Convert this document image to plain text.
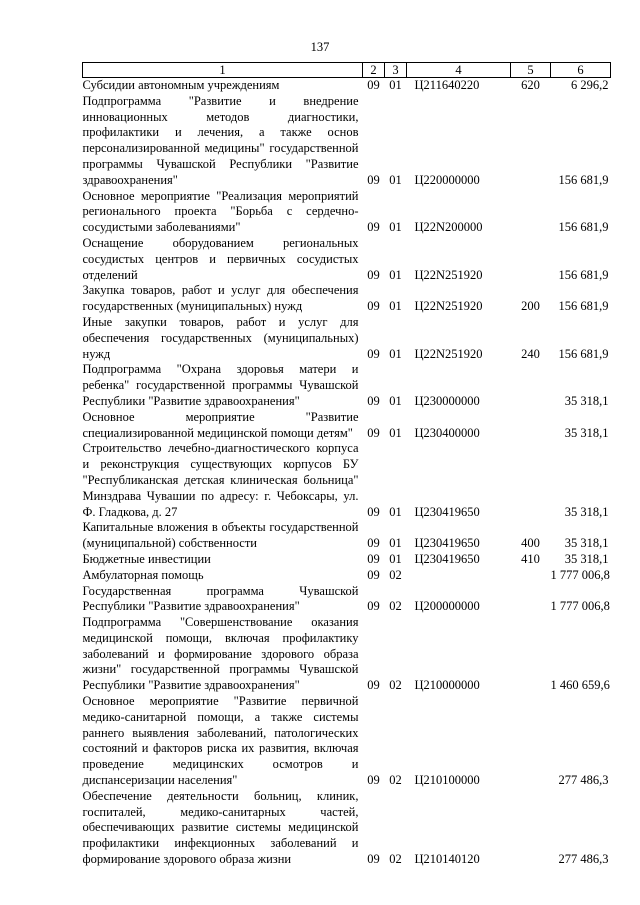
137
1	2	3	4	5	6
Субсидии автономным учреждениям	09	01	Ц211640220	620	6 296,2
Подпрограмма "Развитие и внедрение инновационных методов диагностики, профилактики и лечения, а также основ персонализированной медицины" государственной программы Чувашской Республики "Развитие здравоохранения"	09	01	Ц220000000		156 681,9
Основное мероприятие "Реализация мероприятий регионального проекта "Борьба с сердечно-сосудистыми заболеваниями"	09	01	Ц22N200000		156 681,9
Оснащение оборудованием региональных сосудистых центров и первичных сосудистых отделений	09	01	Ц22N251920		156 681,9
Закупка товаров, работ и услуг для обеспечения государственных (муниципальных) нужд	09	01	Ц22N251920	200	156 681,9
Иные закупки товаров, работ и услуг для обеспечения государственных (муниципальных) нужд	09	01	Ц22N251920	240	156 681,9
Подпрограмма "Охрана здоровья матери и ребенка" государственной программы Чувашской Республики "Развитие здравоохранения"	09	01	Ц230000000		35 318,1
Основное мероприятие "Развитие специализированной медицинской помощи детям"	09	01	Ц230400000		35 318,1
Строительство лечебно-диагностического корпуса и реконструкция существующих корпусов БУ "Республиканская детская клиническая больница" Минздрава Чувашии по адресу: г. Чебоксары, ул. Ф. Гладкова, д. 27	09	01	Ц230419650		35 318,1
Капитальные вложения в объекты государственной (муниципальной) собственности	09	01	Ц230419650	400	35 318,1
Бюджетные инвестиции	09	01	Ц230419650	410	35 318,1
Амбулаторная помощь	09	02			1 777 006,8
Государственная программа Чувашской Республики "Развитие здравоохранения"	09	02	Ц200000000		1 777 006,8
Подпрограмма "Совершенствование оказания медицинской помощи, включая профилактику заболеваний и формирование здорового образа жизни" государственной программы Чувашской Республики "Развитие здравоохранения"	09	02	Ц210000000		1 460 659,6
Основное мероприятие "Развитие первичной медико-санитарной помощи, а также системы раннего выявления заболеваний, патологических состояний и факторов риска их развития, включая проведение медицинских осмотров и диспансеризации населения"	09	02	Ц210100000		277 486,3
Обеспечение деятельности больниц, клиник, госпиталей, медико-санитарных частей, обеспечивающих развитие системы медицинской профилактики инфекционных заболеваний и формирование здорового образа жизни	09	02	Ц210140120		277 486,3
